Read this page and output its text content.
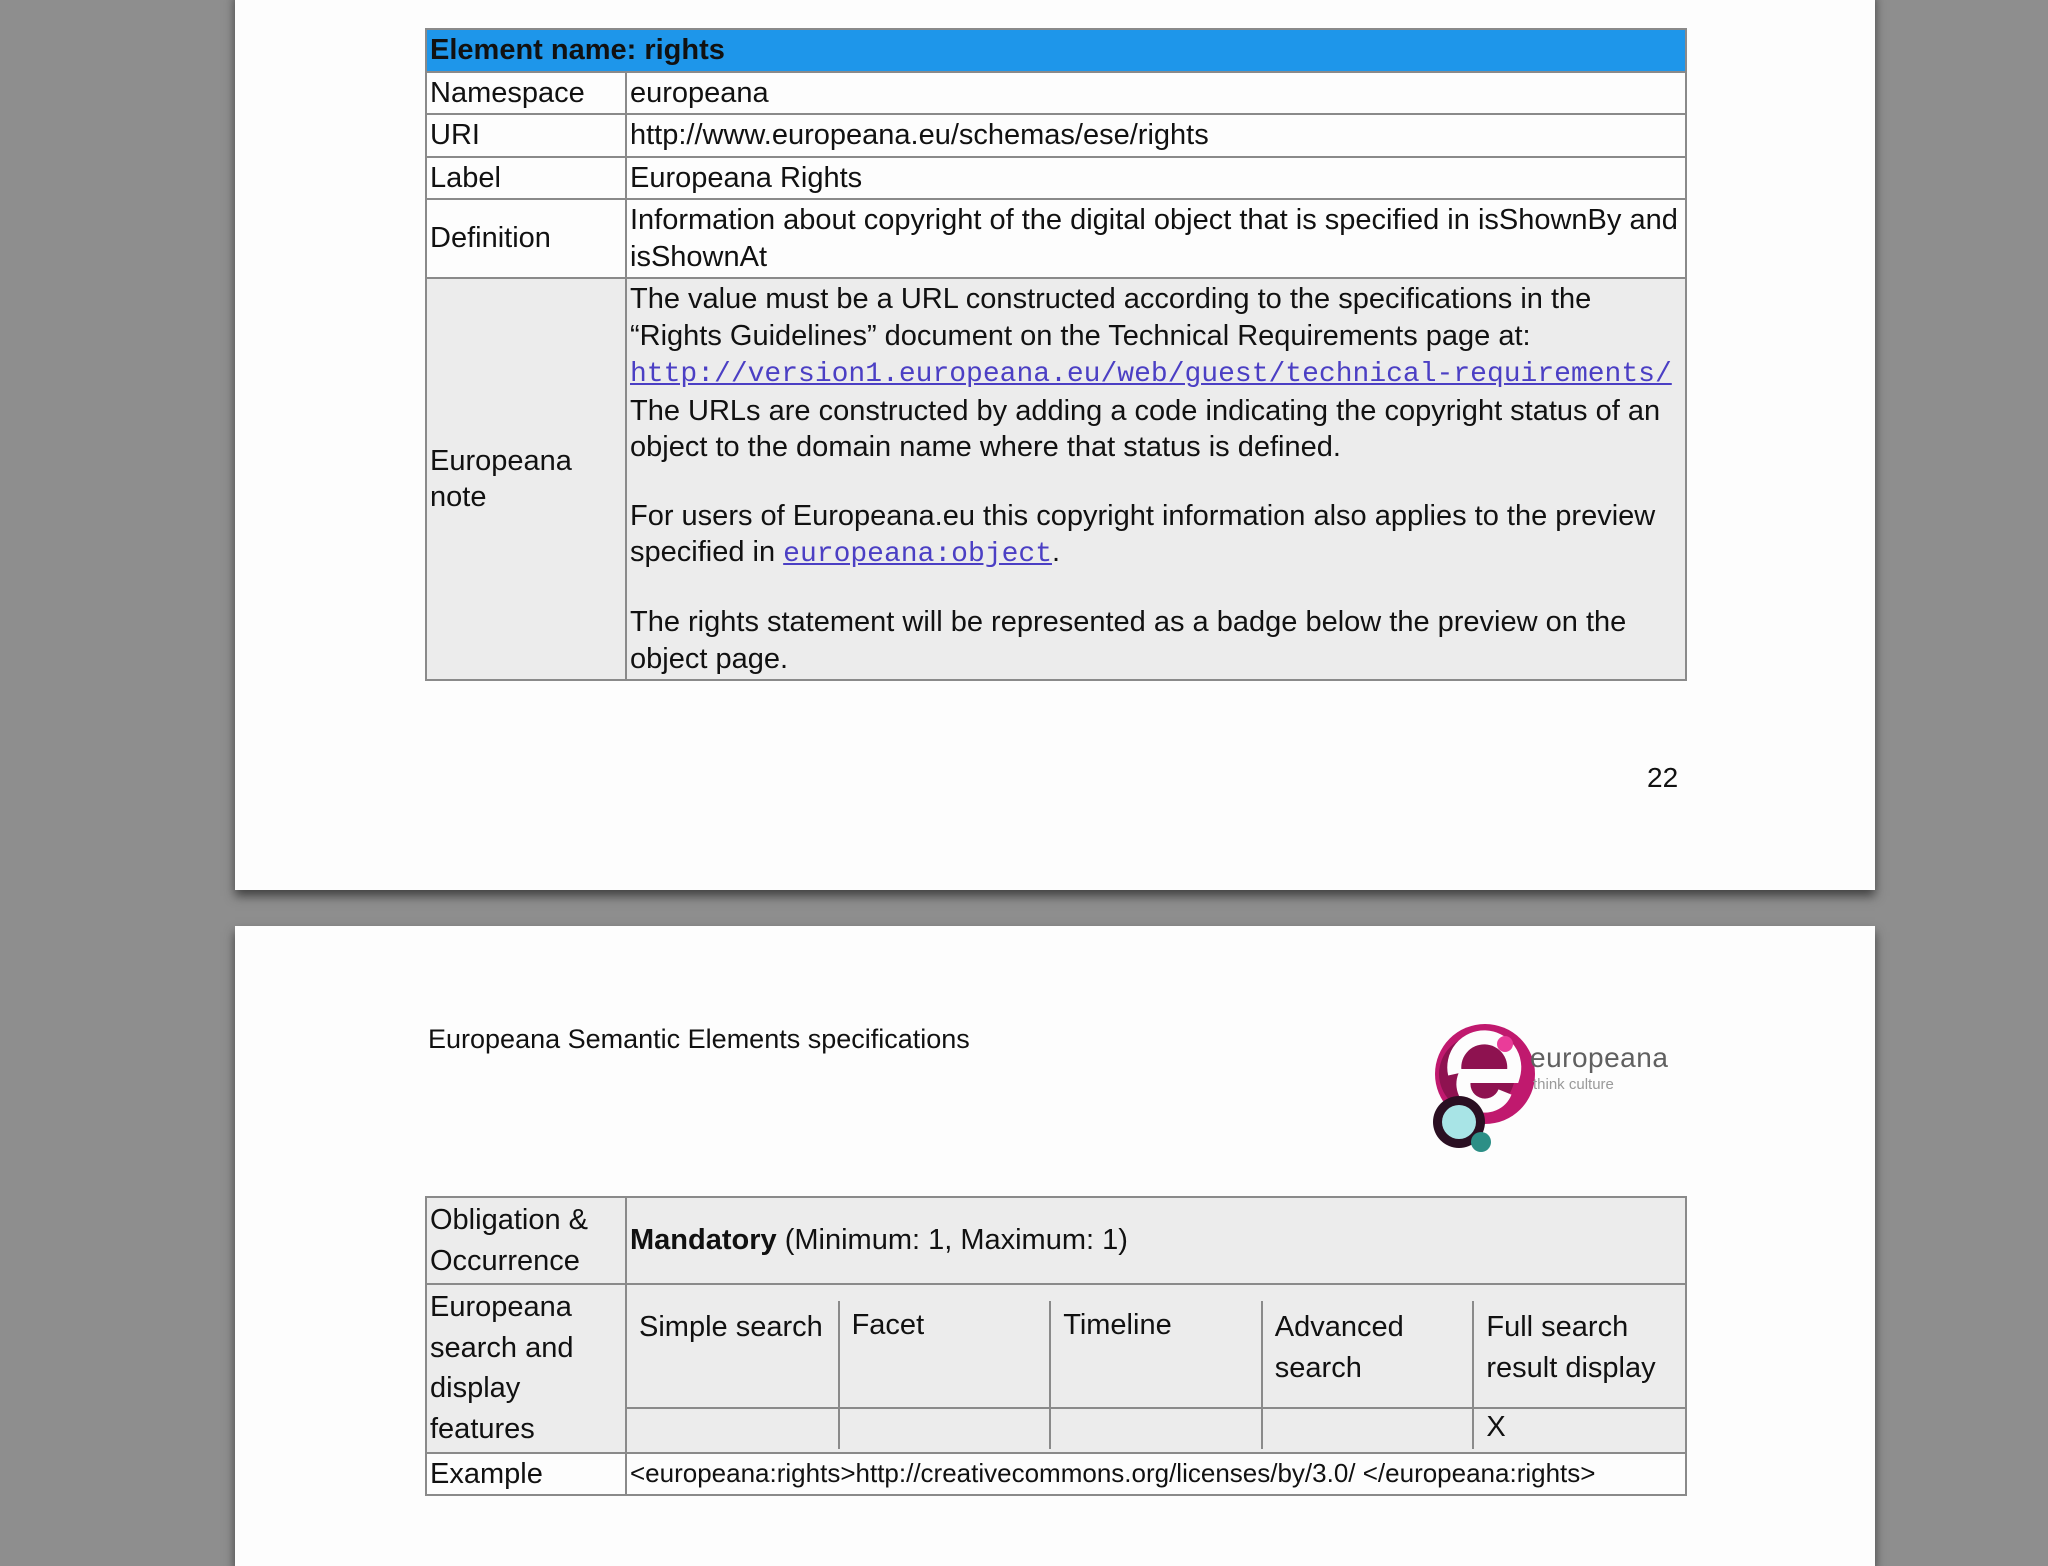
Element name: rights	
Namespace	europeana
URI	http://www.europeana.eu/schemas/ese/rights
Label	Europeana Rights
Definition	Information about copyright of the digital object that is specified in isShownBy and isShownAt
Europeana note	The value must be a URL constructed according to the specifications in the “Rights Guidelines” document on the Technical Requirements page at:
http://version1.europeana.eu/web/guest/technical-requirements/ The URLs are constructed by adding a code indicating the copyright status of an object to the domain name where that status is defined.
For users of Europeana.eu this copyright information also applies to the preview specified in europeana:object.
The rights statement will be represented as a badge below the preview on the object page.
22
Europeana Semantic Elements specifications
europeana
think culture
Obligation & Occurrence	Mandatory (Minimum: 1, Maximum: 1)
Europeana search and display features	
Simple search	Facet	Timeline	Advanced search	Full search result display
				X

Example	<europeana:rights>http://creativecommons.org/licenses/by/3.0/ </europeana:rights>
